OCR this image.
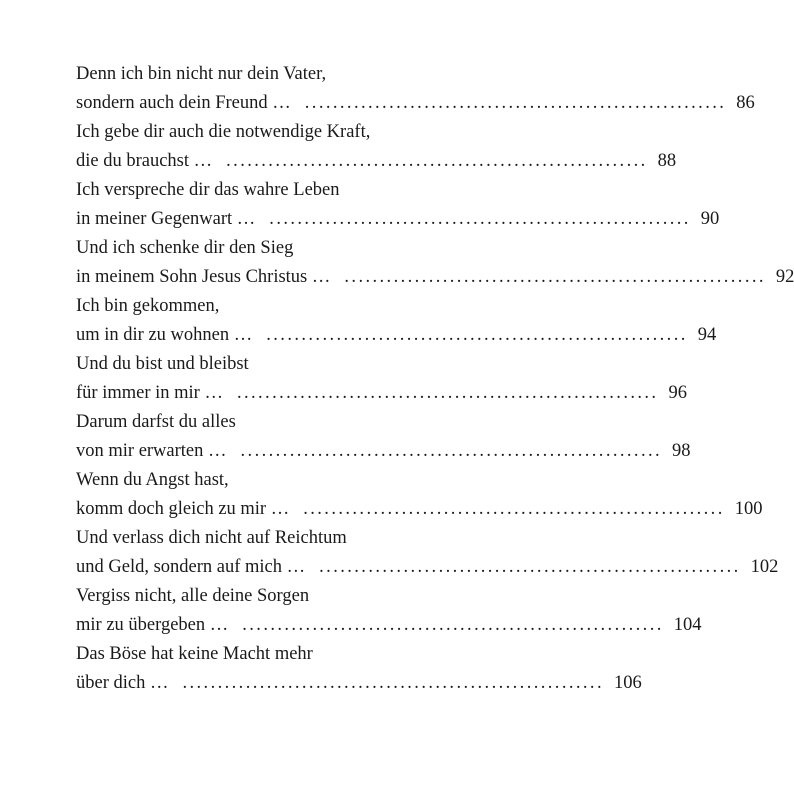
Denn ich bin nicht nur dein Vater,
sondern auch dein Freund … ............................................................ 86
Ich gebe dir auch die notwendige Kraft,
die du brauchst … ............................................................ 88
Ich verspreche dir das wahre Leben
in meiner Gegenwart … ............................................................ 90
Und ich schenke dir den Sieg
in meinem Sohn Jesus Christus … ............................................................ 92
Ich bin gekommen,
um in dir zu wohnen … ............................................................ 94
Und du bist und bleibst
für immer in mir … ............................................................ 96
Darum darfst du alles
von mir erwarten … ............................................................ 98
Wenn du Angst hast,
komm doch gleich zu mir … ............................................................ 100
Und verlass dich nicht auf Reichtum
und Geld, sondern auf mich … ............................................................ 102
Vergiss nicht, alle deine Sorgen
mir zu übergeben … ............................................................ 104
Das Böse hat keine Macht mehr
über dich … ............................................................ 106
